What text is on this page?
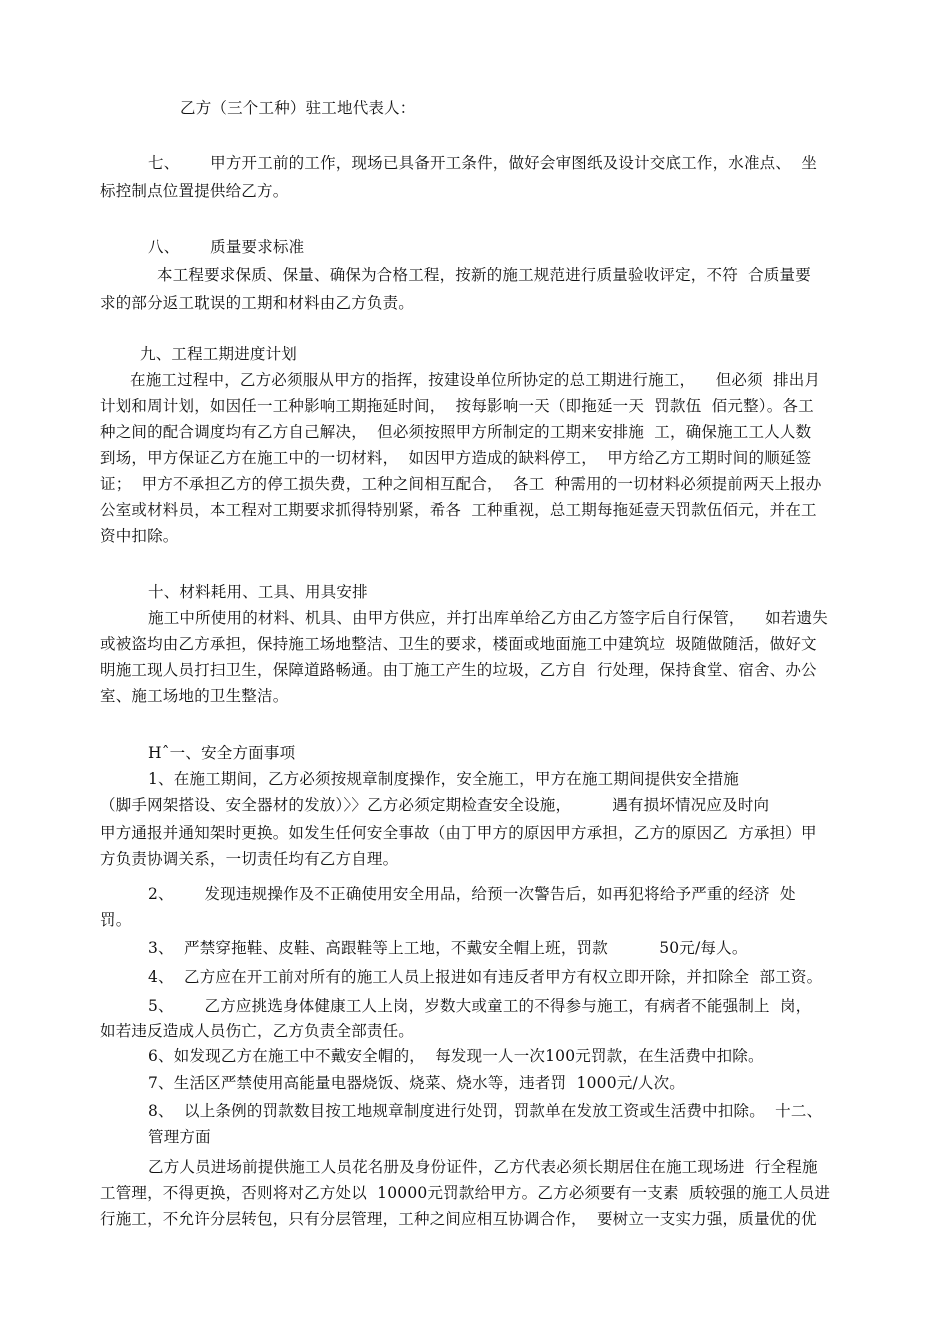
乙方（三个工种）驻工地代表人：
七、      甲方开工前的工作，现场已具备开工条件，做好会审图纸及设计交底工作，水准点、  坐
标控制点位置提供给乙方。
八、      质量要求标准
本工程要求保质、保量、确保为合格工程，按新的施工规范进行质量验收评定，不符  合质量要
求的部分返工耽误的工期和材料由乙方负责。
九、工程工期进度计划
在施工过程中，乙方必须服从甲方的指挥，按建设单位所协定的总工期进行施工，    但必须  排出月
计划和周计划，如因任一工种影响工期拖延时间，  按每影响一天（即拖延一天  罚款伍  佰元整）。各工
种之间的配合调度均有乙方自己解决，  但必须按照甲方所制定的工期来安排施  工，确保施工工人人数
到场，甲方保证乙方在施工中的一切材料，  如因甲方造成的缺料停工，  甲方给乙方工期时间的顺延签
证；  甲方不承担乙方的停工损失费，工种之间相互配合，  各工  种需用的一切材料必须提前两天上报办
公室或材料员，本工程对工期要求抓得特别紧，希各  工种重视，总工期每拖延壹天罚款伍佰元，并在工
资中扣除。
十、材料耗用、工具、用具安排
施工中所使用的材料、机具、由甲方供应，并打出库单给乙方由乙方签字后自行保管，    如若遗失
或被盗均由乙方承担，保持施工场地整洁、卫生的要求，楼面或地面施工中建筑垃  圾随做随活，做好文
明施工现人员打扫卫生，保障道路畅通。由丁施工产生的垃圾，乙方自  行处理，保持食堂、宿舍、办公
室、施工场地的卫生整洁。
Hˆ一、安全方面事项
1、在施工期间，乙方必须按规章制度操作，安全施工，甲方在施工期间提供安全措施
（脚手网架搭设、安全器材的发放）〉〉乙方必须定期检查安全设施，        遇有损坏情况应及时向
甲方通报并通知架时更换。如发生任何安全事故（由丁甲方的原因甲方承担，乙方的原因乙  方承担）甲
方负责协调关系，一切责任均有乙方自理。
2、      发现违规操作及不正确使用安全用品，给预一次警告后，如再犯将给予严重的经济  处
罚。
3、  严禁穿拖鞋、皮鞋、高跟鞋等上工地，不戴安全帽上班，罚款          50元/每人。
4、  乙方应在开工前对所有的施工人员上报进如有违反者甲方有权立即开除，并扣除全  部工资。
5、      乙方应挑选身体健康工人上岗，岁数大或童工的不得参与施工，有病者不能强制上  岗，
如若违反造成人员伤亡，乙方负责全部责任。
6、如发现乙方在施工中不戴安全帽的，  每发现一人一次100元罚款，在生活费中扣除。
7、生活区严禁使用高能量电器烧饭、烧菜、烧水等，违者罚  1000元/人次。
8、  以上条例的罚款数目按工地规章制度进行处罚，罚款单在发放工资或生活费中扣除。  十二、
管理方面
乙方人员进场前提供施工人员花名册及身份证件，乙方代表必须长期居住在施工现场进  行全程施
工管理，不得更换，否则将对乙方处以  10000元罚款给甲方。乙方必须要有一支素  质较强的施工人员进
行施工，不允许分层转包，只有分层管理，工种之间应相互协调合作，  要树立一支实力强，质量优的优
